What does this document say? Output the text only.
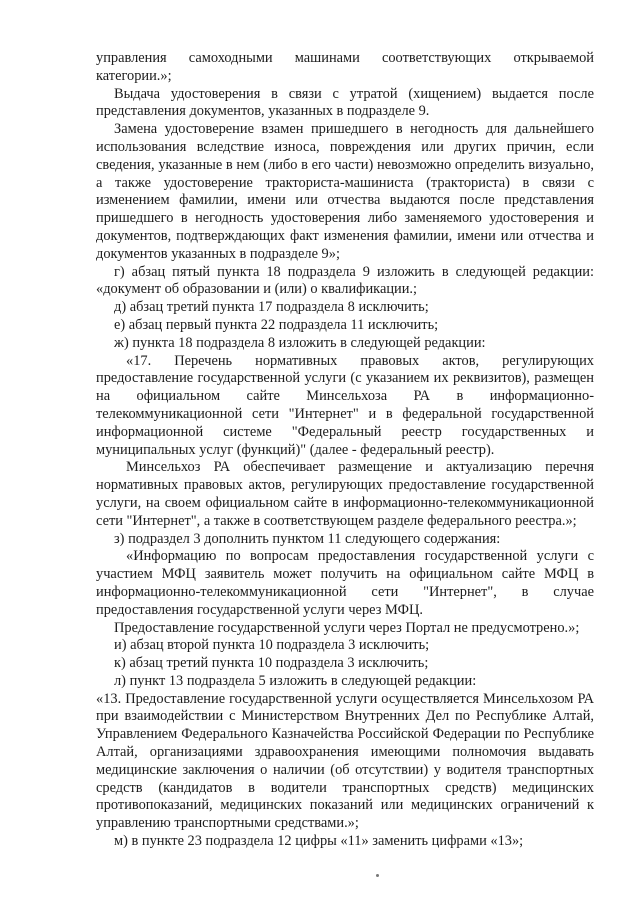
управления самоходными машинами соответствующих открываемой категории.»;

Выдача удостоверения в связи с утратой (хищением) выдается после представления документов, указанных в подразделе 9.

Замена удостоверение взамен пришедшего в негодность для дальнейшего использования вследствие износа, повреждения или других причин, если сведения, указанные в нем (либо в его части) невозможно определить визуально, а также удостоверение тракториста-машиниста (тракториста) в связи с изменением фамилии, имени или отчества выдаются после представления пришедшего в негодность удостоверения либо заменяемого удостоверения и документов, подтверждающих факт изменения фамилии, имени или отчества и документов указанных в подразделе 9»;

г) абзац пятый пункта 18 подраздела 9 изложить в следующей редакции: «документ об образовании и (или) о квалификации.;

д) абзац третий пункта 17 подраздела 8 исключить;

е) абзац первый пункта 22 подраздела 11 исключить;

ж) пункта 18 подраздела 8 изложить в следующей редакции:

«17. Перечень нормативных правовых актов, регулирующих предоставление государственной услуги (с указанием их реквизитов), размещен на официальном сайте Минсельхоза РА в информационно-телекоммуникационной сети "Интернет" и в федеральной государственной информационной системе "Федеральный реестр государственных и муниципальных услуг (функций)" (далее - федеральный реестр).

Минсельхоз РА обеспечивает размещение и актуализацию перечня нормативных правовых актов, регулирующих предоставление государственной услуги, на своем официальном сайте в информационно-телекоммуникационной сети "Интернет", а также в соответствующем разделе федерального реестра.»;

з) подраздел 3 дополнить пунктом 11 следующего содержания:

«Информацию по вопросам предоставления государственной услуги с участием МФЦ заявитель может получить на официальном сайте МФЦ в информационно-телекоммуникационной сети "Интернет", в случае предоставления государственной услуги через МФЦ.

Предоставление государственной услуги через Портал не предусмотрено.»;

и) абзац второй пункта 10 подраздела 3 исключить;

к) абзац третий пункта 10 подраздела 3 исключить;

л) пункт 13 подраздела 5 изложить в следующей редакции:

«13. Предоставление государственной услуги осуществляется Минсельхозом РА при взаимодействии с Министерством Внутренних Дел по Республике Алтай, Управлением Федерального Казначейства Российской Федерации по Республике Алтай, организациями здравоохранения имеющими полномочия выдавать медицинские заключения о наличии (об отсутствии) у водителя транспортных средств (кандидатов в водители транспортных средств) медицинских противопоказаний, медицинских показаний или медицинских ограничений к управлению транспортными средствами.»;

м) в пункте 23 подраздела 12 цифры «11» заменить цифрами «13»;
